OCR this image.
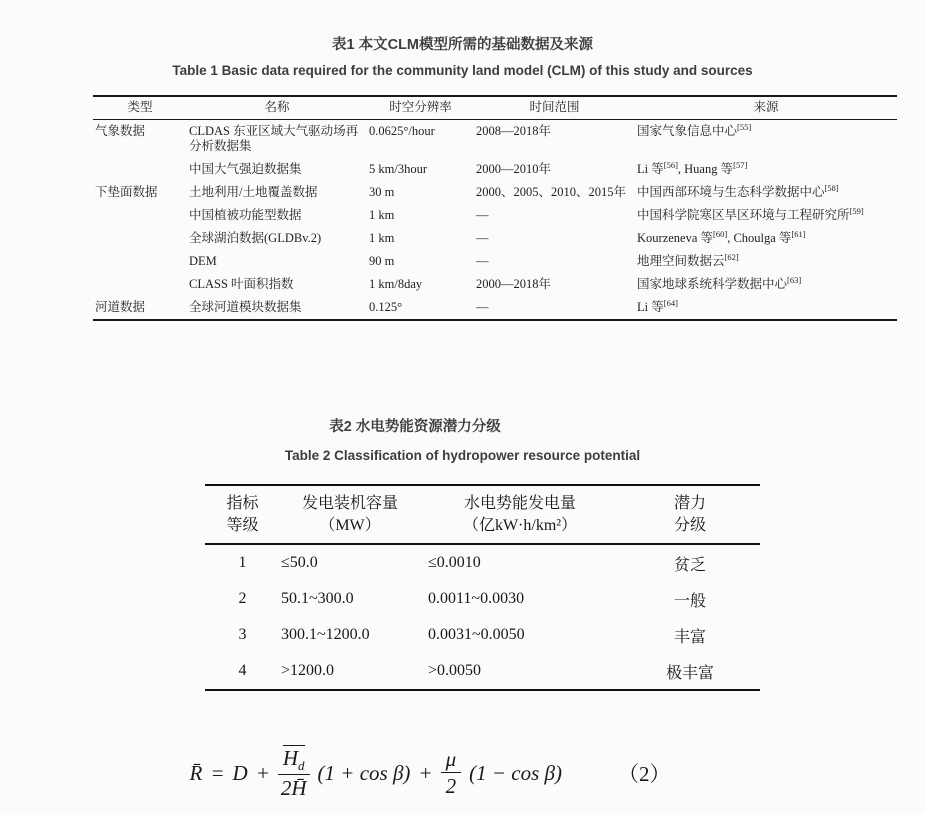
表1 本文CLM模型所需的基础数据及来源
Table 1 Basic data required for the community land model (CLM) of this study and sources
类型	名称	时空分辨率	时间范围	来源
气象数据	CLDAS 东亚区域大气驱动场再分析数据集	0.0625°/hour	2008—2018年	国家气象信息中心[55]
	中国大气强迫数据集	5 km/3hour	2000—2010年	Li 等[56], Huang 等[57]
下垫面数据	土地利用/土地覆盖数据	30 m	2000、2005、2010、2015年	中国西部环境与生态科学数据中心[58]
	中国植被功能型数据	1 km	—	中国科学院寒区旱区环境与工程研究所[59]
	全球湖泊数据(GLDBv.2)	1 km	—	Kourzeneva 等[60], Choulga 等[61]
	DEM	90 m	—	地理空间数据云[62]
	CLASS 叶面积指数	1 km/8day	2000—2018年	国家地球系统科学数据中心[63]
河道数据	全球河道模块数据集	0.125°	—	Li 等[64]
表2 水电势能资源潜力分级
Table 2 Classification of hydropower resource potential
指标
等级

发电装机容量
（MW）

水电势能发电量
（亿kW·h/km²）

潜力
分级

1	≤50.0	≤0.0010	贫乏
2	50.1~300.0	0.0011~0.0030	一般
3	300.1~1200.0	0.0031~0.0050	丰富
4	>1200.0	>0.0050	极丰富
R̄ = $D + \frac{H_d}{2H̄} (1 + \cos \beta) + \frac{\mu}{2} (1 - \cos \beta)$	（2）
